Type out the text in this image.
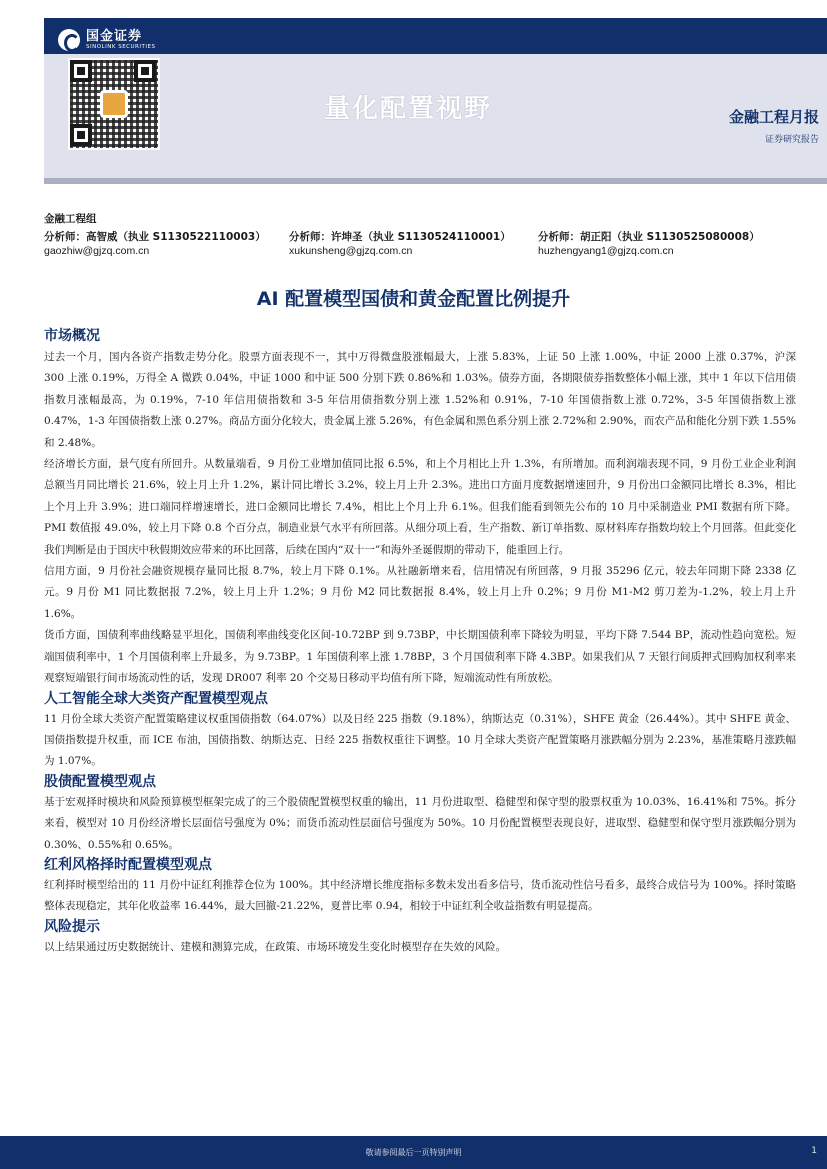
国金证券
SINOLINK SECURITIES	2025 年 11 月 06 日
量化配置视野	金融工程月报
证券研究报告
金融工程组
分析师：高智威（执业 S1130522110003） 分析师：许坤圣（执业 S1130524110001）	分析师：胡正阳（执业 S1130525080008）
gaozhiw@gjzq.com.cn	xukunsheng@gjzq.com.cn	huzhengyang1@gjzq.com.cn
AI 配置模型国债和黄金配置比例提升
市场概况

过去一个月，国内各资产指数走势分化。股票方面表现不一，其中万得微盘股涨幅最大，上涨 5.83%，上证 50 上涨 1.00%，中证 2000 上涨 0.37%，沪深 300 上涨 0.19%，万得全 A 微跌 0.04%，中证 1000 和中证 500 分别下跌 0.86%和 1.03%。债券方面，各期限债券指数整体小幅上涨，其中 1 年以下信用债指数月涨幅最高，为 0.19%，7-10 年信用债指数和 3-5 年信用债指数分别上涨 1.52%和 0.91%，7-10 年国债指数上涨 0.72%，3-5 年国债指数上涨 0.47%，1-3 年国债指数上涨 0.27%。商品方面分化较大，贵金属上涨 5.26%，有色金属和黑色系分别上涨 2.72%和 2.90%，而农产品和能化分别下跌 1.55%和 2.48%。

经济增长方面，景气度有所回升。从数量端看，9 月份工业增加值同比报 6.5%，和上个月相比上升 1.3%，有所增加。而利润端表现不同，9 月份工业企业利润总额当月同比增长 21.6%，较上月上升 1.2%，累计同比增长 3.2%，较上月上升 2.3%。进出口方面月度数据增速回升，9 月份出口金额同比增长 8.3%，相比上个月上升 3.9%；进口端同样增速增长，进口金额同比增长 7.4%，相比上个月上升 6.1%。但我们能看到领先公布的 10 月中采制造业 PMI 数据有所下降。PMI 数值报 49.0%，较上月下降 0.8 个百分点，制造业景气水平有所回落。从细分项上看，生产指数、新订单指数、原材料库存指数均较上个月回落。但此变化我们判断是由于国庆中秋假期效应带来的环比回落，后续在国内“双十一”和海外圣诞假期的带动下，能重回上行。

信用方面，9 月份社会融资规模存量同比报 8.7%，较上月下降 0.1%。从社融新增来看，信用情况有所回落，9 月报 35296 亿元，较去年同期下降 2338 亿元。9 月份 M1 同比数据报 7.2%，较上月上升 1.2%；9 月份 M2 同比数据报 8.4%，较上月上升 0.2%；9 月份 M1-M2 剪刀差为-1.2%，较上月上升 1.6%。

货币方面，国债利率曲线略显平坦化，国债利率曲线变化区间-10.72BP 到 9.73BP，中长期国债利率下降较为明显，平均下降 7.544 BP，流动性趋向宽松。短端国债利率中，1 个月国债利率上升最多，为 9.73BP。1 年国债利率上涨 1.78BP，3 个月国债利率下降 4.3BP。如果我们从 7 天银行间质押式回购加权利率来观察短端银行间市场流动性的话，发现 DR007 利率 20 个交易日移动平均值有所下降，短端流动性有所放松。

人工智能全球大类资产配置模型观点

11 月份全球大类资产配置策略建议权重国债指数（64.07%）以及日经 225 指数（9.18%），纳斯达克（0.31%），SHFE 黄金（26.44%）。其中 SHFE 黄金、国债指数提升权重，而 ICE 布油，国债指数、纳斯达克、日经 225 指数权重往下调整。10 月全球大类资产配置策略月涨跌幅分别为 2.23%，基准策略月涨跌幅为 1.07%。

股债配置模型观点

基于宏观择时模块和风险预算模型框架完成了的三个股债配置模型权重的输出，11 月份进取型、稳健型和保守型的股票权重为 10.03%、16.41%和 75%。拆分来看，模型对 10 月份经济增长层面信号强度为 0%；而货币流动性层面信号强度为 50%。10 月份配置模型表现良好，进取型、稳健型和保守型月涨跌幅分别为 0.30%、0.55%和 0.65%。

红利风格择时配置模型观点

红利择时模型给出的 11 月份中证红利推荐仓位为 100%。其中经济增长维度指标多数未发出看多信号，货币流动性信号看多，最终合成信号为 100%。择时策略整体表现稳定，其年化收益率 16.44%，最大回撤-21.22%，夏普比率 0.94，相较于中证红利全收益指数有明显提高。

风险提示

以上结果通过历史数据统计、建模和测算完成，在政策、市场环境发生变化时模型存在失效的风险。

敬请参阅最后一页特别声明	1
